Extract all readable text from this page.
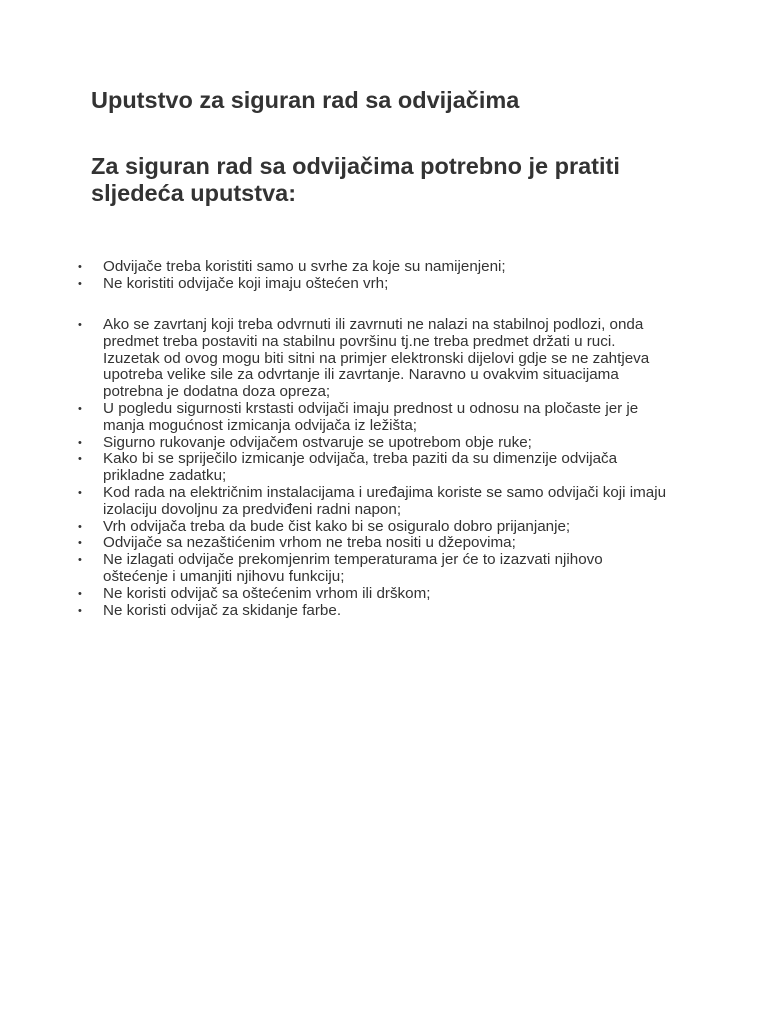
Uputstvo za siguran rad sa odvijačima
Za siguran rad sa odvijačima potrebno je pratiti sljedeća uputstva:
• Odvijače treba koristiti samo u svrhe za koje su namijenjeni;
• Ne koristiti odvijače koji imaju oštećen vrh;
• Ako se zavrtanj koji treba odvrnuti ili zavrnuti ne nalazi na stabilnoj podlozi, onda predmet treba postaviti na stabilnu površinu tj.ne treba predmet držati u ruci. Izuzetak od ovog mogu biti sitni na primjer elektronski dijelovi gdje se ne zahtjeva upotreba velike sile za odvrtanje ili zavrtanje. Naravno u ovakvim situacijama potrebna je dodatna doza opreza;
• U pogledu sigurnosti krstasti odvijači imaju prednost u odnosu na pločaste jer je manja mogućnost izmicanja odvijača iz ležišta;
• Sigurno rukovanje odvijačem ostvaruje se upotrebom obje ruke;
• Kako bi se spriječilo izmicanje odvijača, treba paziti da su dimenzije odvijača prikladne zadatku;
• Kod rada na električnim instalacijama i uređajima koriste se samo odvijači koji imaju izolaciju dovoljnu za predviđeni radni napon;
• Vrh odvijača treba da bude čist kako bi se osiguralo dobro prijanjanje;
• Odvijače sa nezaštićenim vrhom ne treba nositi u džepovima;
• Ne izlagati odvijače prekomjenrim temperaturama jer će to izazvati njihovo oštećenje i umanjiti njihovu funkciju;
• Ne koristi odvijač sa oštećenim vrhom ili drškom;
• Ne koristi odvijač za skidanje farbe.
